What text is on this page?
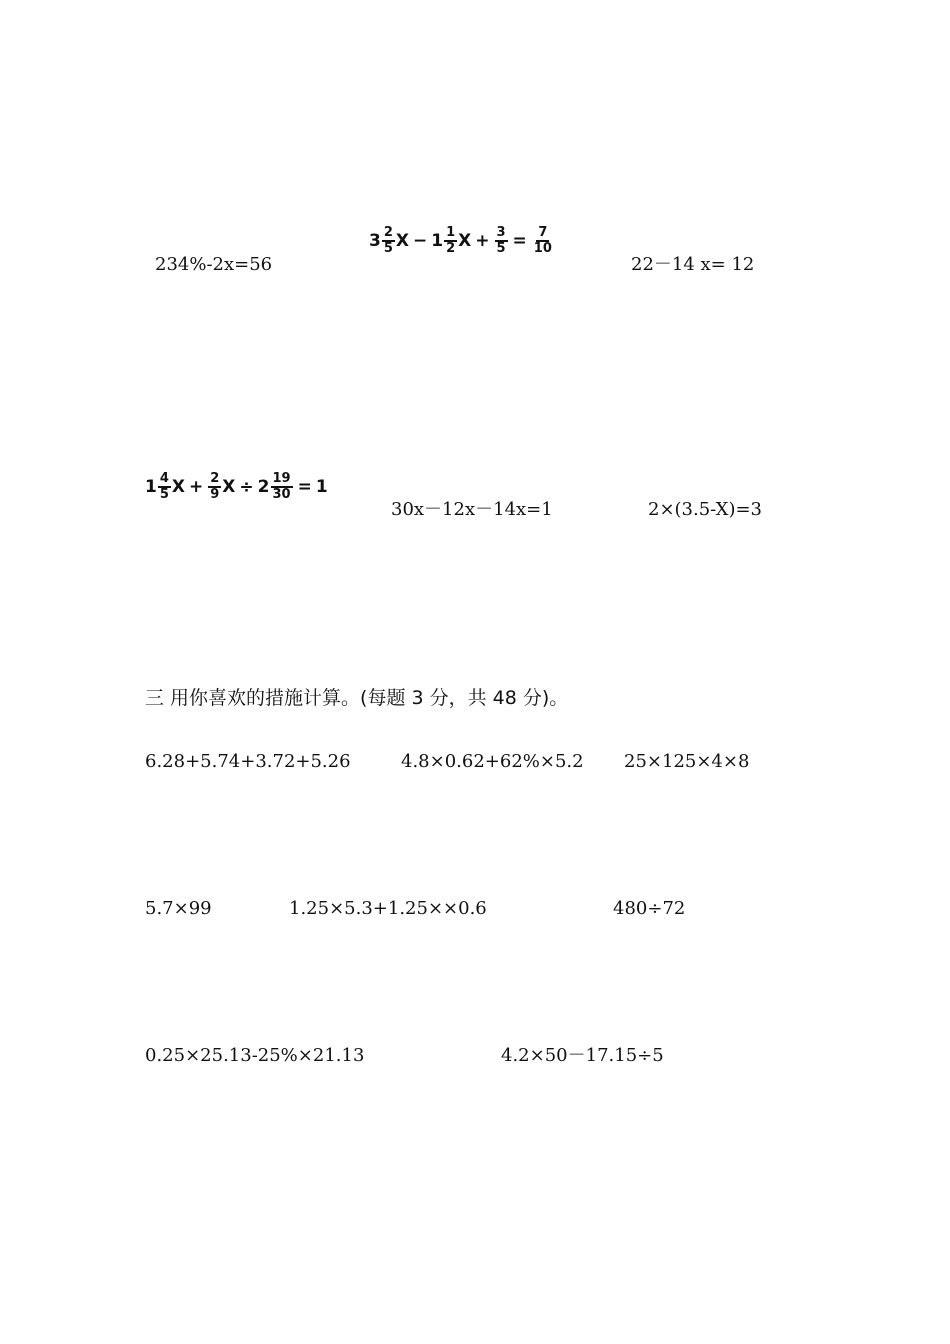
234%-2x=56
$3 \frac{2}{5}$ $X - 1 \frac{1}{2}$ $X + \frac{3}{5} = \frac{7}{10}$
22－14 x= 12
$1 \frac{4}{5}$ $X + \frac{2}{9}$ $X \div 2 \frac{19}{30} = 1$
30x－12x－14x=1	2×(3.5-X)=3
三 用你喜欢的措施计算。(每题 3 分，共 48 分)。
6.28+5.74+3.72+5.26	4.8×0.62+62%×5.2 25×125×4×8
5.7×99	1.25×5.3+1.25××0.6	480÷72
0.25×25.13-25%×21.13	4.2×50－17.15÷5
